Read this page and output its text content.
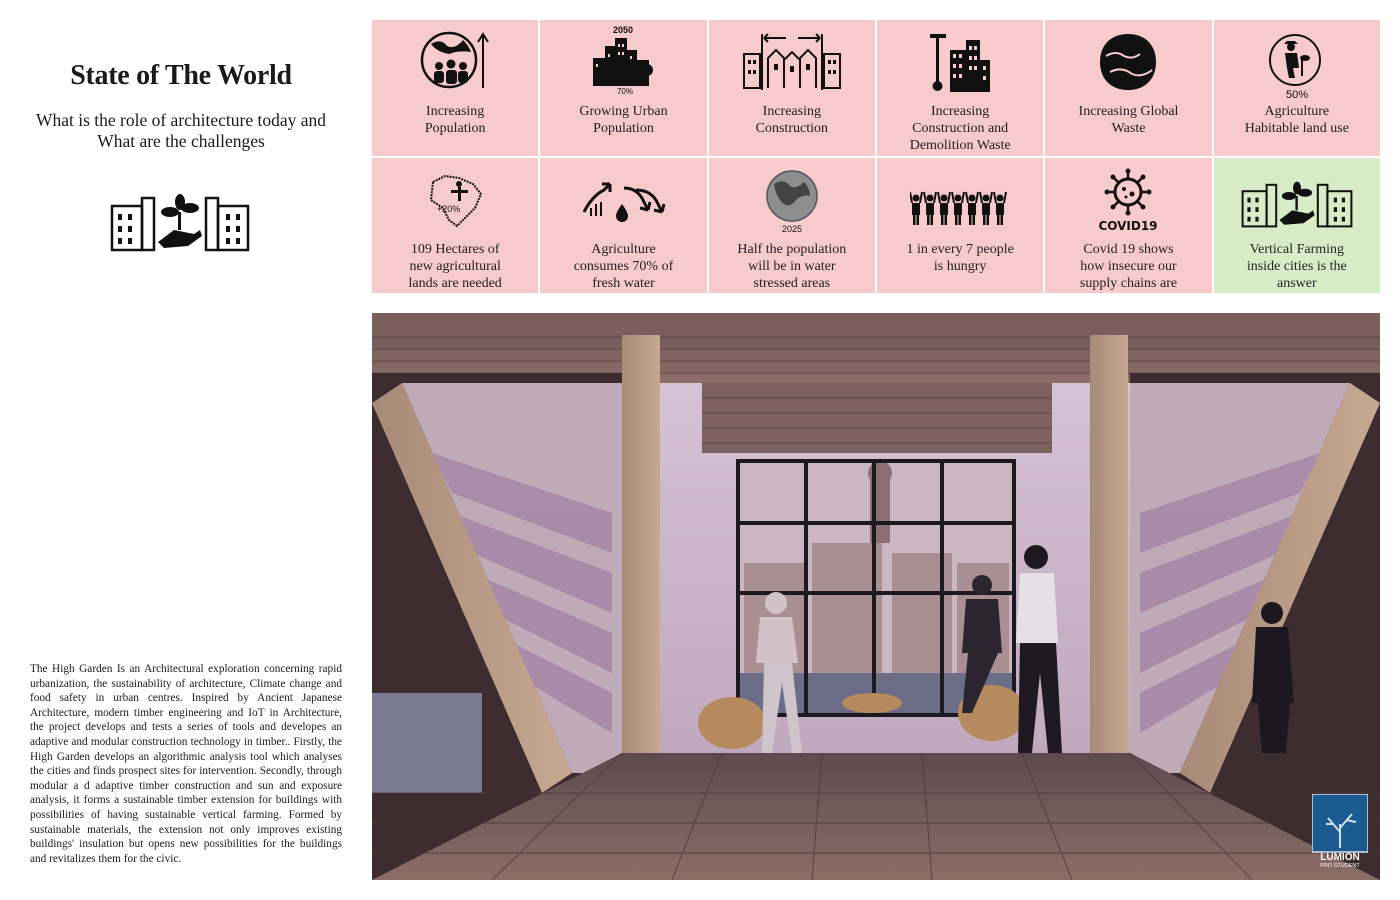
State of The World
What is the role of architecture today and
What are the challenges
The High Garden Is an Architectural exploration concerning rapid urbanization, the sustainability of architecture, Climate change and food safety in urban centres. Inspired by Ancient Japanese Architecture, modern timber engineering and IoT in Architecture, the project develops and tests a series of tools and developes an adaptive and modular construction technology in timber.. Firstly, the High Garden develops an algorithmic analysis tool which analyses the cities and finds prospect sites for intervention. Secondly, through modular a d adaptive timber construction and sun and exposure analysis, it forms a sustainable timber extension for buildings with possibilities of having sustainable vertical farming. Formed by sustainable materials, the extension not only improves existing buildings' insulation but opens new possibilities for the buildings and revitalizes them for the civic.
Increasing
Population
2050
70%
Growing Urban
Population
Increasing
Construction
Increasing
Construction and
Demolition Waste
Increasing Global
Waste
50%
Agriculture
Habitable land use
+20%
109 Hectares of
new agricultural
lands are needed
Agriculture
consumes 70% of
fresh water
2025
Half the population
will be in water
stressed areas
1 in every 7 people
is hungry
COVID19
Covid 19 shows
how insecure our
supply chains are
Vertical Farming
inside cities is the
answer
LUMION
PRO STUDENT
